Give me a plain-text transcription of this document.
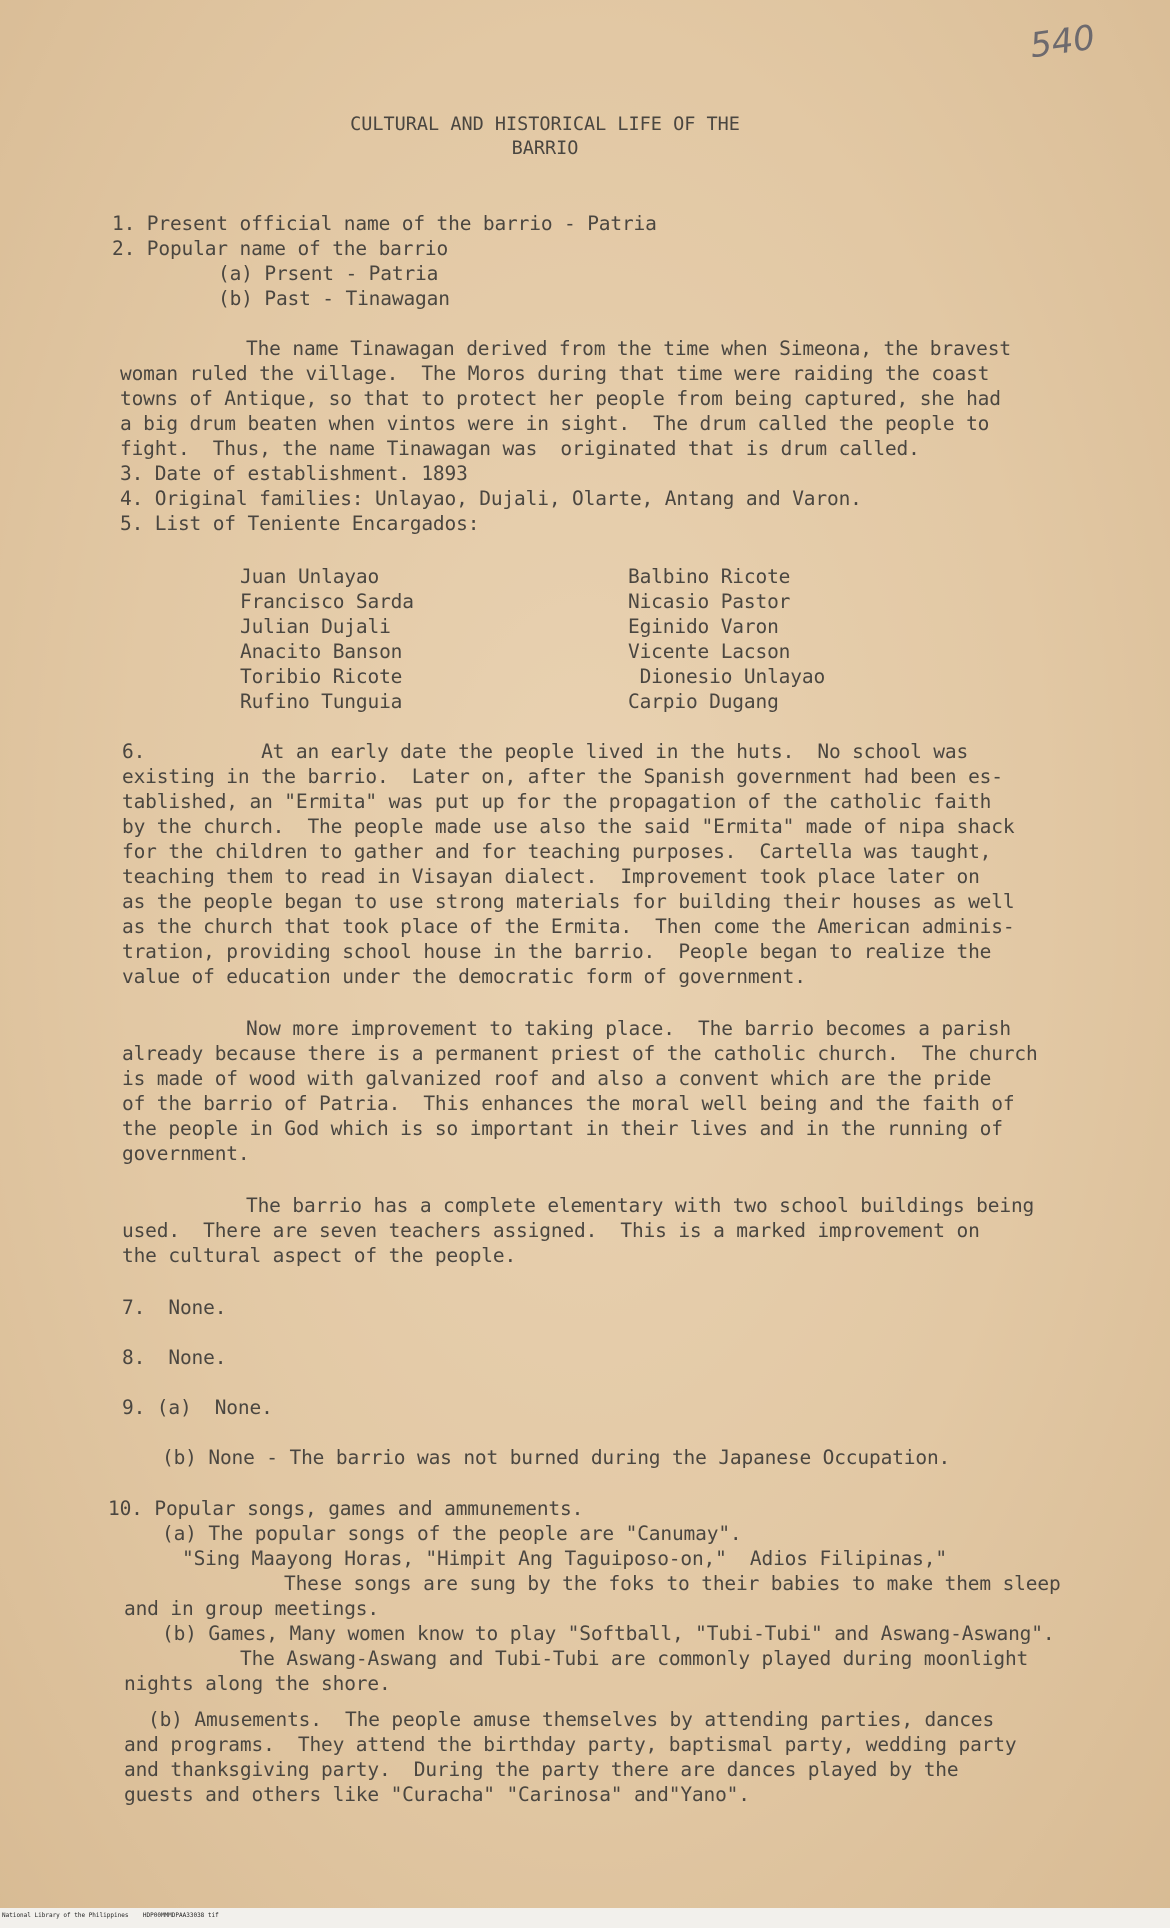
540
CULTURAL AND HISTORICAL LIFE OF THE
BARRIO
1. Present official name of the barrio - Patria
2. Popular name of the barrio
(a) Prsent - Patria
(b) Past - Tinawagan
The name Tinawagan derived from the time when Simeona, the bravest
woman ruled the village.  The Moros during that time were raiding the coast
towns of Antique, so that to protect her people from being captured, she had
a big drum beaten when vintos were in sight.  The drum called the people to
fight.  Thus, the name Tinawagan was  originated that is drum called.
3. Date of establishment. 1893
4. Original families: Unlayao, Dujali, Olarte, Antang and Varon.
5. List of Teniente Encargados:
Juan Unlayao
Francisco Sarda
Julian Dujali
Anacito Banson
Toribio Ricote
Rufino Tunguia
Balbino Ricote
Nicasio Pastor
Eginido Varon
Vicente Lacson
Dionesio Unlayao
Carpio Dugang
6.          At an early date the people lived in the huts.  No school was
existing in the barrio.  Later on, after the Spanish government had been es-
tablished, an "Ermita" was put up for the propagation of the catholic faith
by the church.  The people made use also the said "Ermita" made of nipa shack
for the children to gather and for teaching purposes.  Cartella was taught,
teaching them to read in Visayan dialect.  Improvement took place later on
as the people began to use strong materials for building their houses as well
as the church that took place of the Ermita.  Then come the American adminis-
tration, providing school house in the barrio.  People began to realize the
value of education under the democratic form of government.
Now more improvement to taking place.  The barrio becomes a parish
already because there is a permanent priest of the catholic church.  The church
is made of wood with galvanized roof and also a convent which are the pride
of the barrio of Patria.  This enhances the moral well being and the faith of
the people in God which is so important in their lives and in the running of
government.
The barrio has a complete elementary with two school buildings being
used.  There are seven teachers assigned.  This is a marked improvement on
the cultural aspect of the people.
7.  None.
8.  None.
9. (a)  None.
(b) None - The barrio was not burned during the Japanese Occupation.
10. Popular songs, games and ammunements.
(a) The popular songs of the people are "Canumay".
"Sing Maayong Horas, "Himpit Ang Taguiposo-on,"  Adios Filipinas,"
These songs are sung by the foks to their babies to make them sleep
and in group meetings.
(b) Games, Many women know to play "Softball, "Tubi-Tubi" and Aswang-Aswang".
The Aswang-Aswang and Tubi-Tubi are commonly played during moonlight
nights along the shore.
(b) Amusements.  The people amuse themselves by attending parties, dances
and programs.  They attend the birthday party, baptismal party, wedding party
and thanksgiving party.  During the party there are dances played by the
guests and others like "Curacha" "Carinosa" and"Yano".
National Library of the Philippines    HDP00MMMDPAA33038 tif
